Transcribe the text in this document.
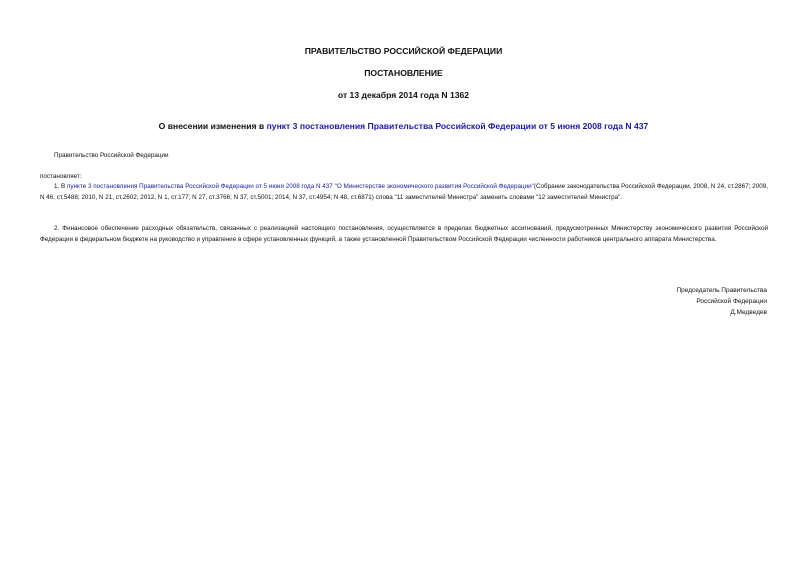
ПРАВИТЕЛЬСТВО РОССИЙСКОЙ ФЕДЕРАЦИИ
ПОСТАНОВЛЕНИЕ
от 13 декабря 2014 года N 1362
О внесении изменения в пункт 3 постановления Правительства Российской Федерации от 5 июня 2008 года N 437
Правительство Российской Федерации
постановляет:
1. В пункте 3 постановления Правительства Российской Федерации от 5 июня 2008 года N 437 "О Министерстве экономического развития Российской Федерации"(Собрание законодательства Российской Федерации, 2008, N 24, ст.2867; 2009, N 46, ст.5488; 2010, N 21, ст.2602; 2012, N 1, ст.177; N 27, ст.3766; N 37, ст.5001; 2014, N 37, ст.4954; N 48, ст.6871) слова "11 заместителей Министра" заменить словами "12 заместителей Министра".
2. Финансовое обеспечение расходных обязательств, связанных с реализацией настоящего постановления, осуществляется в пределах бюджетных ассигнований, предусмотренных Министерству экономического развития Российской Федерации в федеральном бюджете на руководство и управление в сфере установленных функций, а также установленной Правительством Российской Федерации численности работников центрального аппарата Министерства.
Председатель Правительства
Российской Федерации
Д.Медведев
